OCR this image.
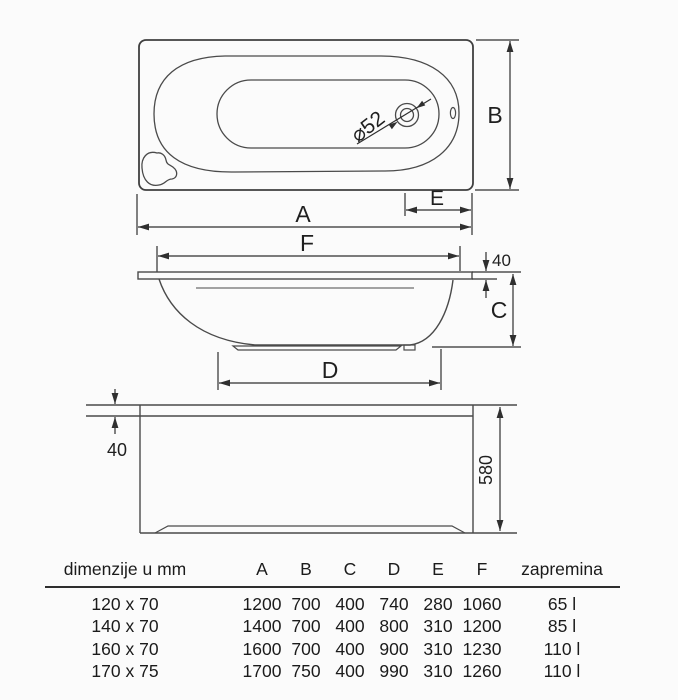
⌀52	B
E
A
F
40
C
D
40
580
dimenzije u mm	A	B	C	D	E	F	zapremina
120 x 70	1200 700 400 740 280 1060	65 l
140 x 70	1400 700 400 800 310 1200	85 l
160 x 70	1600 700 400 900 310 1230	110 l
170 x 75	1700 750 400 990 310 1260	110 l
